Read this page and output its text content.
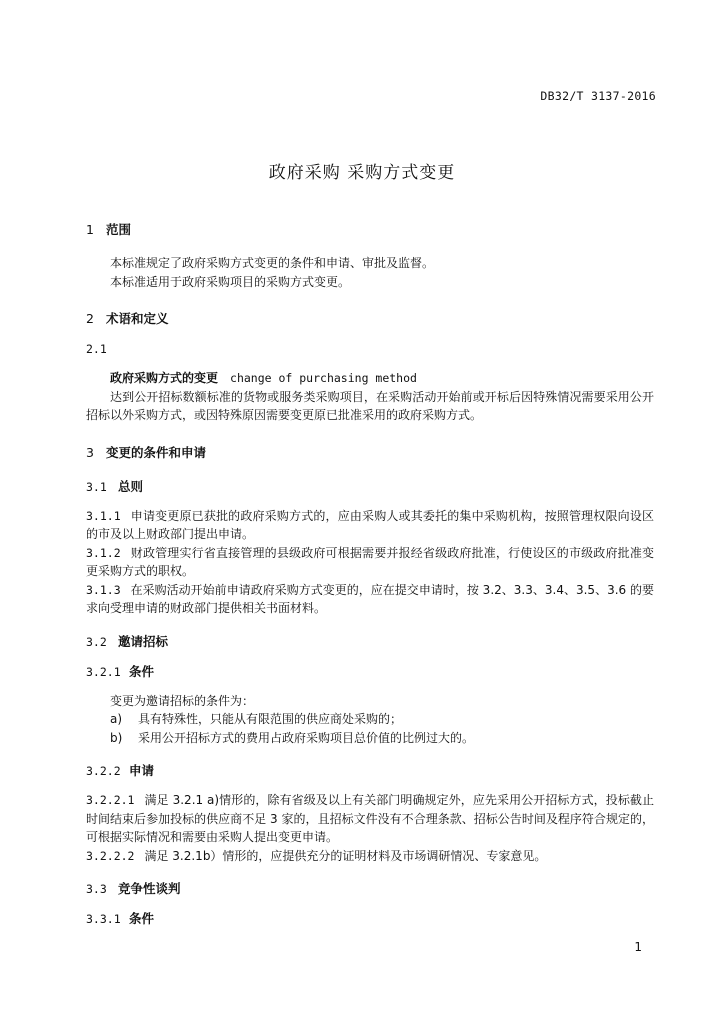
DB32/T 3137-2016
政府采购 采购方式变更
1 范围

本标准规定了政府采购方式变更的条件和申请、审批及监督。

本标准适用于政府采购项目的采购方式变更。

2 术语和定义
2.1

政府采购方式的变更 change of purchasing method

达到公开招标数额标准的货物或服务类采购项目，在采购活动开始前或开标后因特殊情况需要采用公开招标以外采购方式，或因特殊原因需要变更原已批准采用的政府采购方式。

3 变更的条件和申请
3.1 总则

3.1.1 申请变更原已获批的政府采购方式的，应由采购人或其委托的集中采购机构，按照管理权限向设区的市及以上财政部门提出申请。

3.1.2 财政管理实行省直接管理的县级政府可根据需要并报经省级政府批准，行使设区的市级政府批准变更采购方式的职权。

3.1.3 在采购活动开始前申请政府采购方式变更的，应在提交申请时，按 3.2、3.3、3.4、3.5、3.6 的要求向受理申请的财政部门提供相关书面材料。

3.2 邀请招标
3.2.1 条件

变更为邀请招标的条件为：

a) 具有特殊性，只能从有限范围的供应商处采购的；

b) 采用公开招标方式的费用占政府采购项目总价值的比例过大的。

3.2.2 申请

3.2.2.1 满足 3.2.1 a)情形的，除有省级及以上有关部门明确规定外，应先采用公开招标方式，投标截止时间结束后参加投标的供应商不足 3 家的，且招标文件没有不合理条款、招标公告时间及程序符合规定的，可根据实际情况和需要由采购人提出变更申请。

3.2.2.2 满足 3.2.1b）情形的，应提供充分的证明材料及市场调研情况、专家意见。

3.3 竞争性谈判
3.3.1 条件
1
